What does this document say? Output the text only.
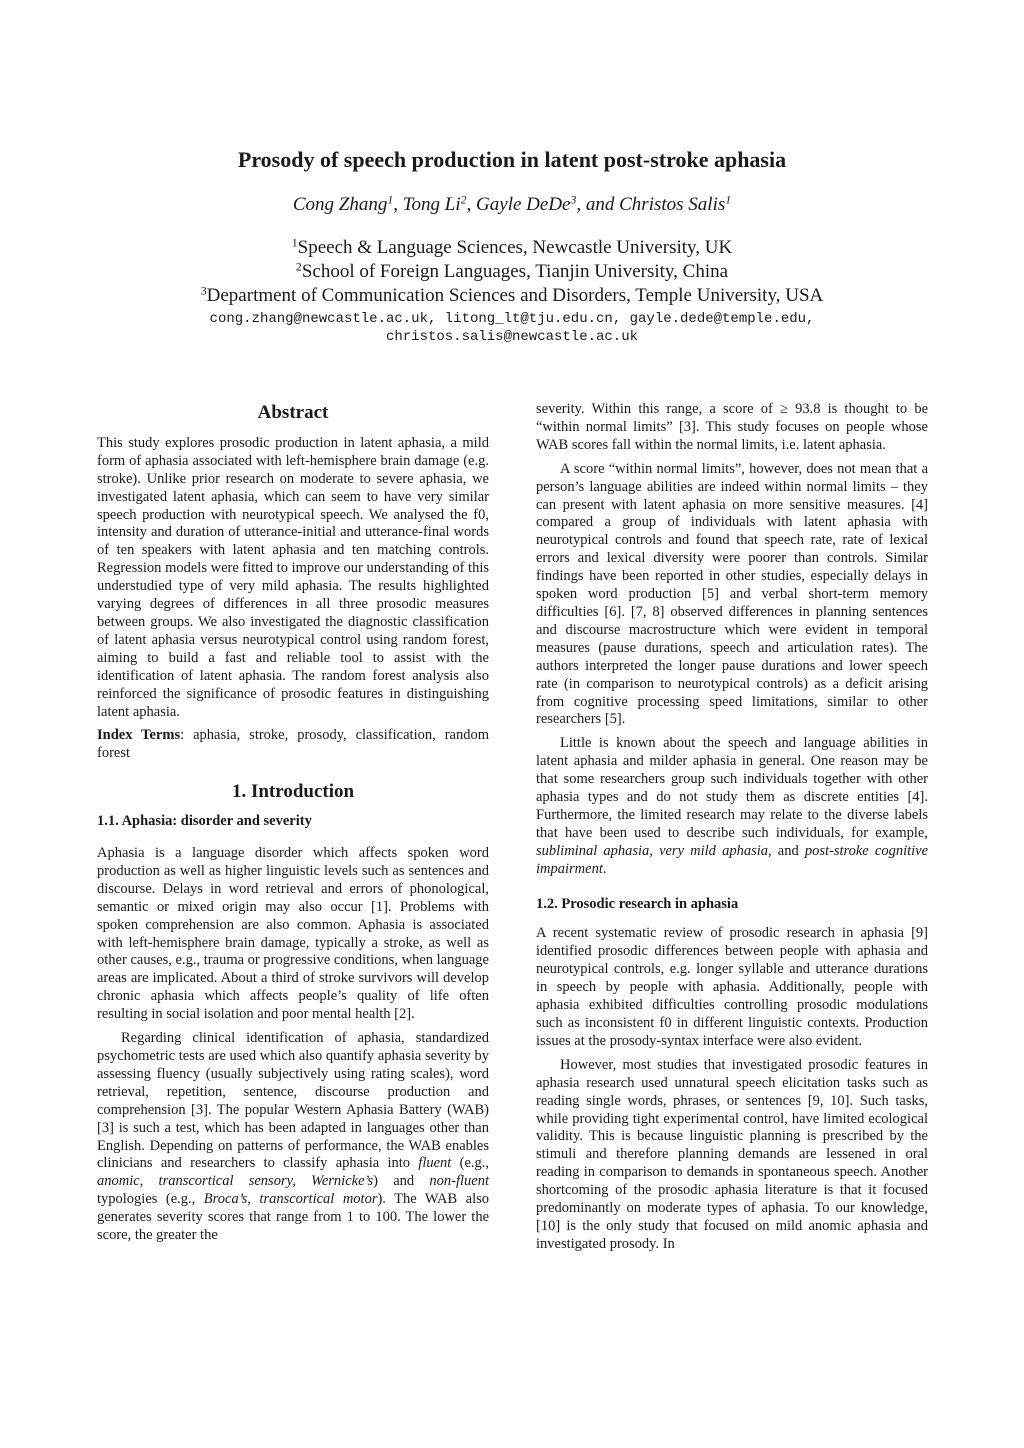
Prosody of speech production in latent post-stroke aphasia
Cong Zhang$^1$, Tong Li$^2$, Gayle DeDe$^3$, and Christos Salis$^1$
$^1$Speech & Language Sciences, Newcastle University, UK
$^2$School of Foreign Languages, Tianjin University, China
$^3$Department of Communication Sciences and Disorders, Temple University, USA
cong.zhang@newcastle.ac.uk, litong_lt@tju.edu.cn, gayle.dede@temple.edu,
christos.salis@newcastle.ac.uk
Abstract

This study explores prosodic production in latent aphasia, a mild form of aphasia associated with left-hemisphere brain damage (e.g. stroke). Unlike prior research on moderate to severe aphasia, we investigated latent aphasia, which can seem to have very similar speech production with neurotypical speech. We analysed the f0, intensity and duration of utterance-initial and utterance-final words of ten speakers with latent aphasia and ten matching controls. Regression models were fitted to improve our understanding of this understudied type of very mild aphasia. The results highlighted varying degrees of differences in all three prosodic measures between groups. We also investigated the diagnostic classification of latent aphasia versus neurotypical control using random forest, aiming to build a fast and reliable tool to assist with the identification of latent aphasia. The random forest analysis also reinforced the significance of prosodic features in distinguishing latent aphasia.

Index Terms: aphasia, stroke, prosody, classification, random forest

1. Introduction
1.1. Aphasia: disorder and severity

Aphasia is a language disorder which affects spoken word production as well as higher linguistic levels such as sentences and discourse. Delays in word retrieval and errors of phonological, semantic or mixed origin may also occur [1]. Problems with spoken comprehension are also common. Aphasia is associated with left-hemisphere brain damage, typically a stroke, as well as other causes, e.g., trauma or progressive conditions, when language areas are implicated. About a third of stroke survivors will develop chronic aphasia which affects people’s quality of life often resulting in social isolation and poor mental health [2].

Regarding clinical identification of aphasia, standardized psychometric tests are used which also quantify aphasia severity by assessing fluency (usually subjectively using rating scales), word retrieval, repetition, sentence, discourse production and comprehension [3]. The popular Western Aphasia Battery (WAB) [3] is such a test, which has been adapted in languages other than English. Depending on patterns of performance, the WAB enables clinicians and researchers to classify aphasia into fluent (e.g., anomic, transcortical sensory, Wernicke’s) and non-fluent typologies (e.g., Broca’s, transcortical motor). The WAB also generates severity scores that range from 1 to 100. The lower the score, the greater the

severity. Within this range, a score of ≥ 93.8 is thought to be “within normal limits” [3]. This study focuses on people whose WAB scores fall within the normal limits, i.e. latent aphasia.

A score “within normal limits”, however, does not mean that a person’s language abilities are indeed within normal limits – they can present with latent aphasia on more sensitive measures. [4] compared a group of individuals with latent aphasia with neurotypical controls and found that speech rate, rate of lexical errors and lexical diversity were poorer than controls. Similar findings have been reported in other studies, especially delays in spoken word production [5] and verbal short-term memory difficulties [6]. [7, 8] observed differences in planning sentences and discourse macrostructure which were evident in temporal measures (pause durations, speech and articulation rates). The authors interpreted the longer pause durations and lower speech rate (in comparison to neurotypical controls) as a deficit arising from cognitive processing speed limitations, similar to other researchers [5].

Little is known about the speech and language abilities in latent aphasia and milder aphasia in general. One reason may be that some researchers group such individuals together with other aphasia types and do not study them as discrete entities [4]. Furthermore, the limited research may relate to the diverse labels that have been used to describe such individuals, for example, subliminal aphasia, very mild aphasia, and post-stroke cognitive impairment.

1.2. Prosodic research in aphasia

A recent systematic review of prosodic research in aphasia [9] identified prosodic differences between people with aphasia and neurotypical controls, e.g. longer syllable and utterance durations in speech by people with aphasia. Additionally, people with aphasia exhibited difficulties controlling prosodic modulations such as inconsistent f0 in different linguistic contexts. Production issues at the prosody-syntax interface were also evident.

However, most studies that investigated prosodic features in aphasia research used unnatural speech elicitation tasks such as reading single words, phrases, or sentences [9, 10]. Such tasks, while providing tight experimental control, have limited ecological validity. This is because linguistic planning is prescribed by the stimuli and therefore planning demands are lessened in oral reading in comparison to demands in spontaneous speech. Another shortcoming of the prosodic aphasia literature is that it focused predominantly on moderate types of aphasia. To our knowledge, [10] is the only study that focused on mild anomic aphasia and investigated prosody. In
